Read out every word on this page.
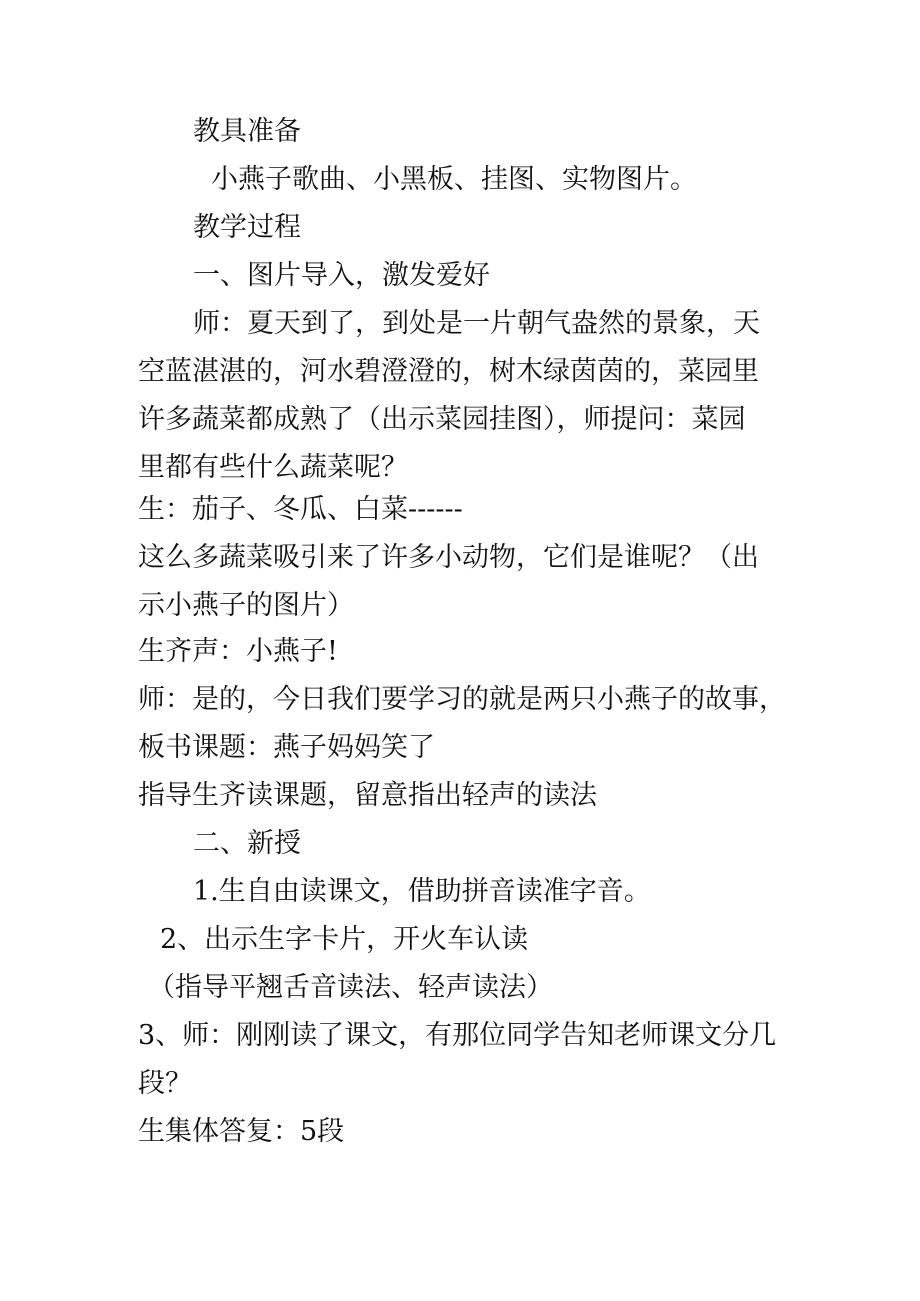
教具准备
小燕子歌曲、小黑板、挂图、实物图片。
教学过程
一、图片导入，激发爱好
师：夏天到了，到处是一片朝气盎然的景象，天
空蓝湛湛的，河水碧澄澄的，树木绿茵茵的，菜园里
许多蔬菜都成熟了（出示菜园挂图），师提问：菜园
里都有些什么蔬菜呢？
生：茄子、冬瓜、白菜------
这么多蔬菜吸引来了许多小动物，它们是谁呢？（出
示小燕子的图片）
生齐声：小燕子!
师：是的，今日我们要学习的就是两只小燕子的故事，
板书课题：燕子妈妈笑了
指导生齐读课题，留意指出轻声的读法
二、新授
1.生自由读课文，借助拼音读准字音。
2、出示生字卡片，开火车认读
（指导平翘舌音读法、轻声读法）
3、师：刚刚读了课文，有那位同学告知老师课文分几
段？
生集体答复：5段
